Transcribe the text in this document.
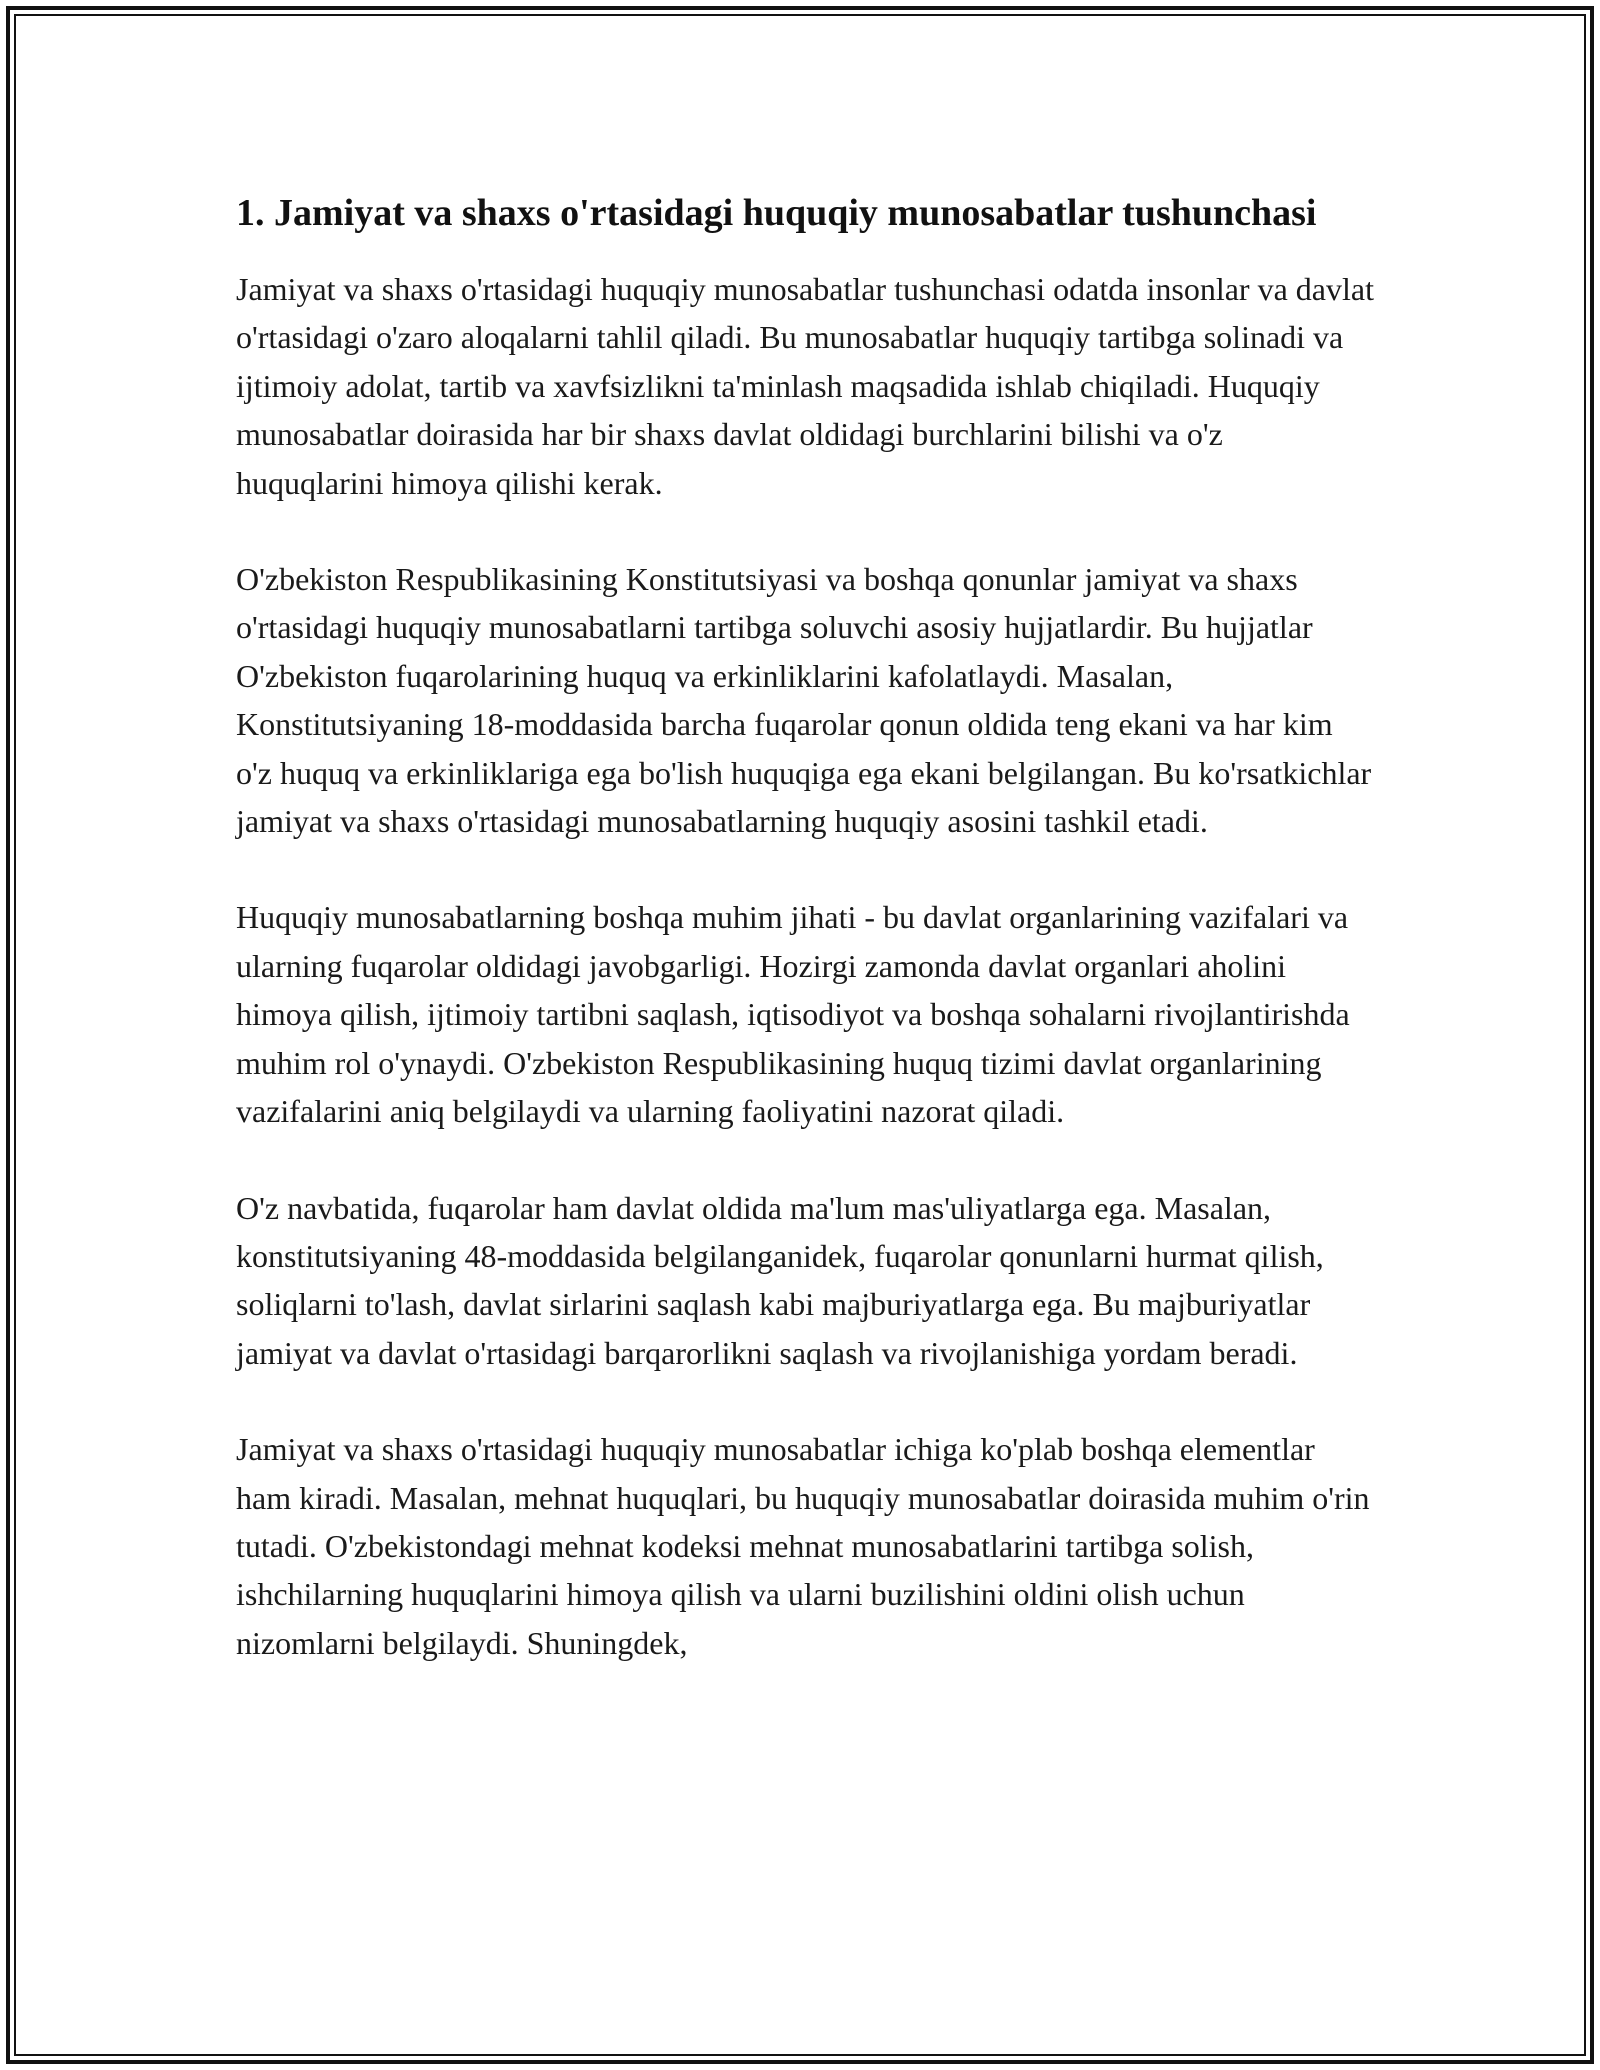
1. Jamiyat va shaxs o'rtasidagi huquqiy munosabatlar tushunchasi

Jamiyat va shaxs o'rtasidagi huquqiy munosabatlar tushunchasi odatda insonlar va davlat o'rtasidagi o'zaro aloqalarni tahlil qiladi. Bu munosabatlar huquqiy tartibga solinadi va ijtimoiy adolat, tartib va xavfsizlikni ta'minlash maqsadida ishlab chiqiladi. Huquqiy munosabatlar doirasida har bir shaxs davlat oldidagi burchlarini bilishi va o'z huquqlarini himoya qilishi kerak.

O'zbekiston Respublikasining Konstitutsiyasi va boshqa qonunlar jamiyat va shaxs o'rtasidagi huquqiy munosabatlarni tartibga soluvchi asosiy hujjatlardir. Bu hujjatlar O'zbekiston fuqarolarining huquq va erkinliklarini kafolatlaydi. Masalan, Konstitutsiyaning 18-moddasida barcha fuqarolar qonun oldida teng ekani va har kim o'z huquq va erkinliklariga ega bo'lish huquqiga ega ekani belgilangan. Bu ko'rsatkichlar jamiyat va shaxs o'rtasidagi munosabatlarning huquqiy asosini tashkil etadi.

Huquqiy munosabatlarning boshqa muhim jihati - bu davlat organlarining vazifalari va ularning fuqarolar oldidagi javobgarligi. Hozirgi zamonda davlat organlari aholini himoya qilish, ijtimoiy tartibni saqlash, iqtisodiyot va boshqa sohalarni rivojlantirishda muhim rol o'ynaydi. O'zbekiston Respublikasining huquq tizimi davlat organlarining vazifalarini aniq belgilaydi va ularning faoliyatini nazorat qiladi.

O'z navbatida, fuqarolar ham davlat oldida ma'lum mas'uliyatlarga ega. Masalan, konstitutsiyaning 48-moddasida belgilanganidek, fuqarolar qonunlarni hurmat qilish, soliqlarni to'lash, davlat sirlarini saqlash kabi majburiyatlarga ega. Bu majburiyatlar jamiyat va davlat o'rtasidagi barqarorlikni saqlash va rivojlanishiga yordam beradi.

Jamiyat va shaxs o'rtasidagi huquqiy munosabatlar ichiga ko'plab boshqa elementlar ham kiradi. Masalan, mehnat huquqlari, bu huquqiy munosabatlar doirasida muhim o'rin tutadi. O'zbekistondagi mehnat kodeksi mehnat munosabatlarini tartibga solish, ishchilarning huquqlarini himoya qilish va ularni buzilishini oldini olish uchun nizomlarni belgilaydi. Shuningdek,
